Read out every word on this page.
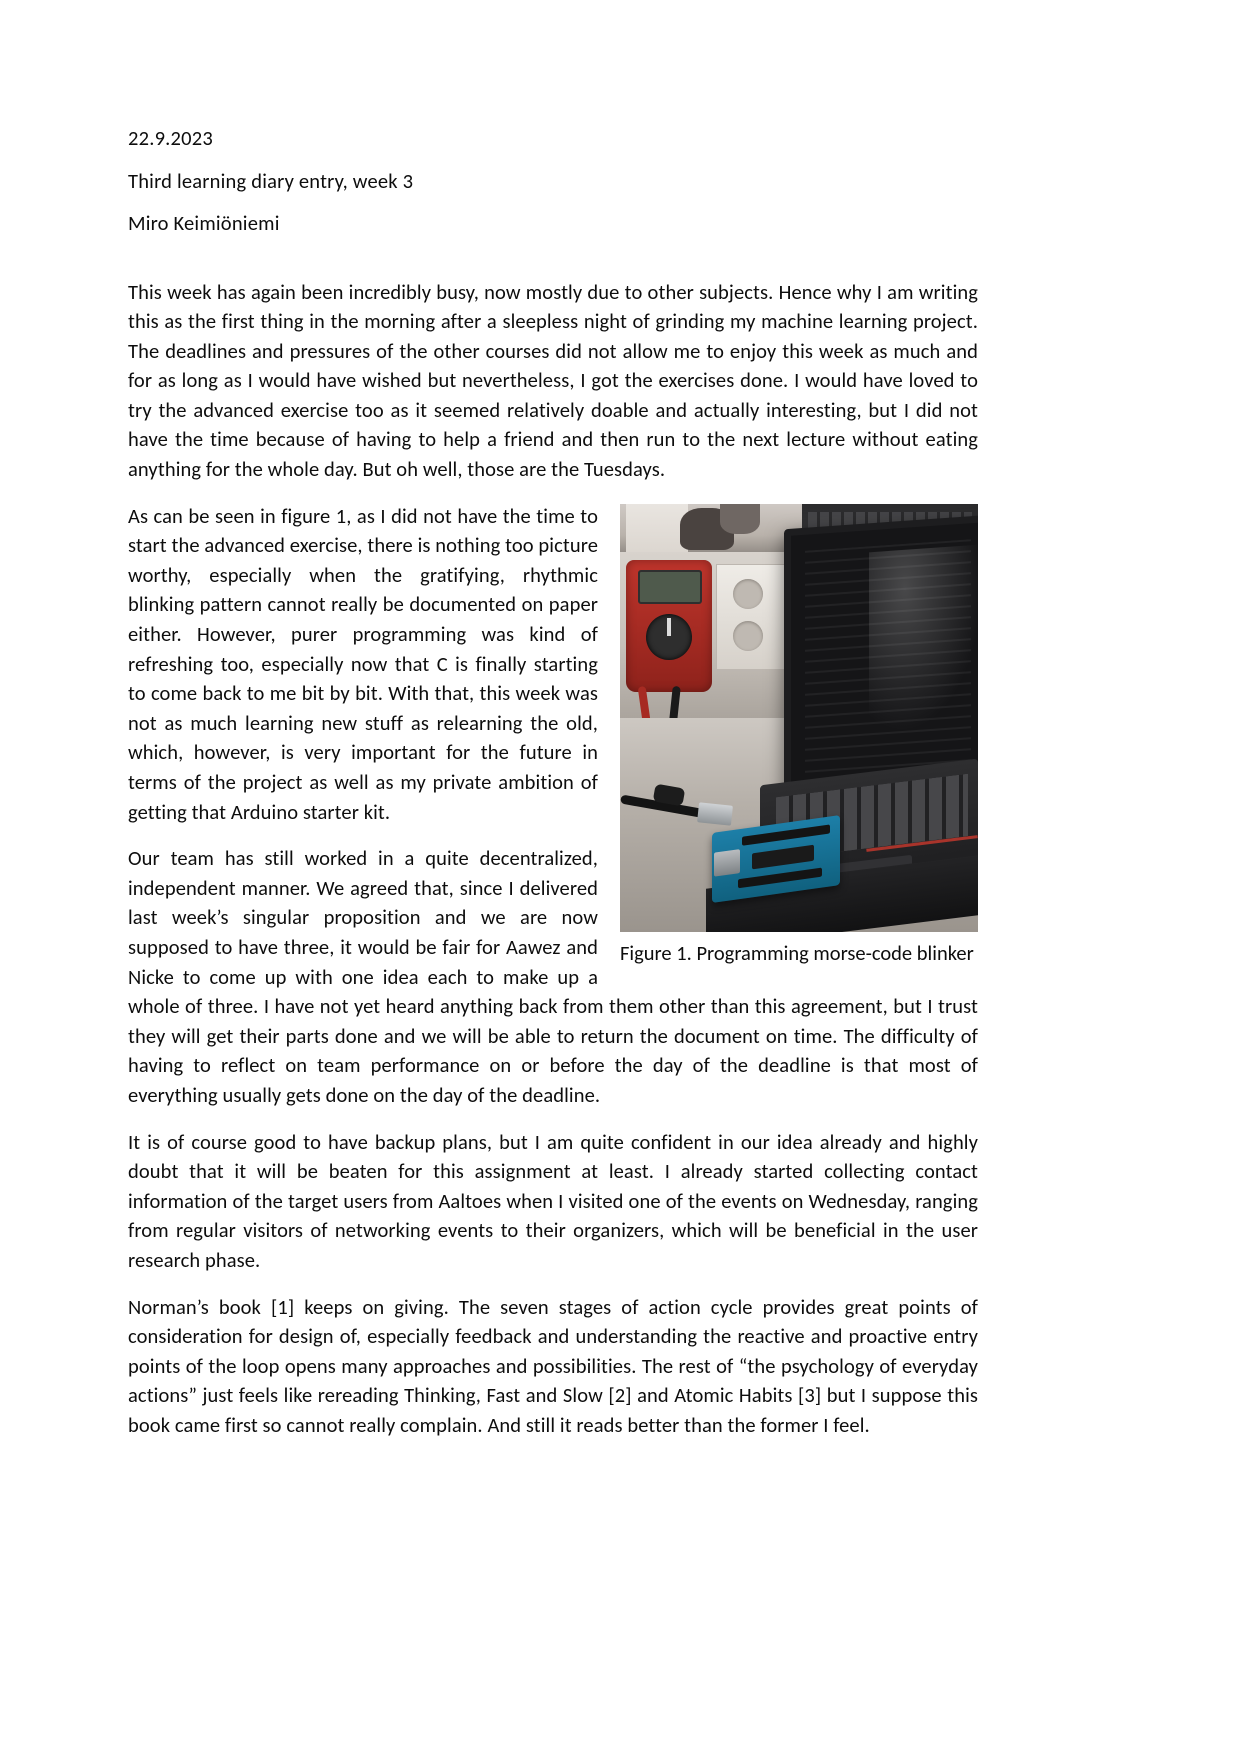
22.9.2023
Third learning diary entry, week 3
Miro Keimiöniemi

This week has again been incredibly busy, now mostly due to other subjects. Hence why I am writing this as the first thing in the morning after a sleepless night of grinding my machine learning project. The deadlines and pressures of the other courses did not allow me to enjoy this week as much and for as long as I would have wished but nevertheless, I got the exercises done. I would have loved to try the advanced exercise too as it seemed relatively doable and actually interesting, but I did not have the time because of having to help a friend and then run to the next lecture without eating anything for the whole day. But oh well, those are the Tuesdays.

Figure 1. Programming morse-code blinker

As can be seen in figure 1, as I did not have the time to start the advanced exercise, there is nothing too picture worthy, especially when the gratifying, rhythmic blinking pattern cannot really be documented on paper either. However, purer programming was kind of refreshing too, especially now that C is finally starting to come back to me bit by bit. With that, this week was not as much learning new stuff as relearning the old, which, however, is very important for the future in terms of the project as well as my private ambition of getting that Arduino starter kit.

Our team has still worked in a quite decentralized, independent manner. We agreed that, since I delivered last week’s singular proposition and we are now supposed to have three, it would be fair for Aawez and Nicke to come up with one idea each to make up a whole of three. I have not yet heard anything back from them other than this agreement, but I trust they will get their parts done and we will be able to return the document on time. The difficulty of having to reflect on team performance on or before the day of the deadline is that most of everything usually gets done on the day of the deadline.

It is of course good to have backup plans, but I am quite confident in our idea already and highly doubt that it will be beaten for this assignment at least. I already started collecting contact information of the target users from Aaltoes when I visited one of the events on Wednesday, ranging from regular visitors of networking events to their organizers, which will be beneficial in the user research phase.

Norman’s book [1] keeps on giving. The seven stages of action cycle provides great points of consideration for design of, especially feedback and understanding the reactive and proactive entry points of the loop opens many approaches and possibilities. The rest of “the psychology of everyday actions” just feels like rereading Thinking, Fast and Slow [2] and Atomic Habits [3] but I suppose this book came first so cannot really complain. And still it reads better than the former I feel.
